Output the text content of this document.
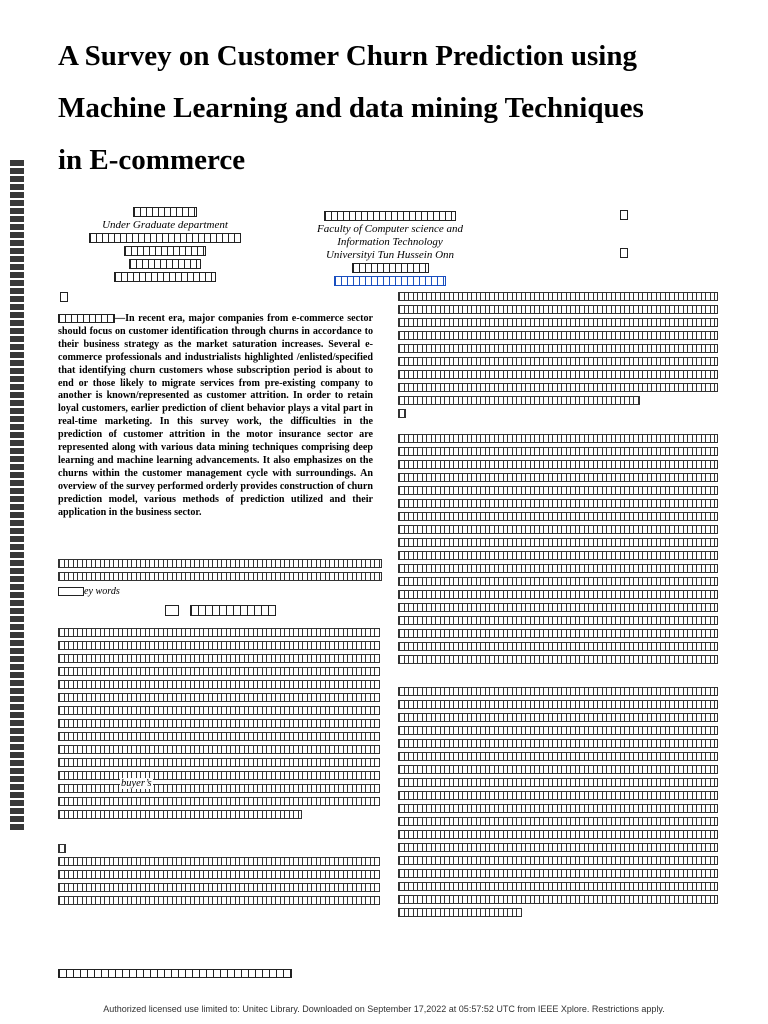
A Survey on Customer Churn Prediction using
Machine Learning and data mining Techniques
in E-commerce
Under Graduate department	Faculty of Computer science and
Information Technology
Universityi Tun Hussein Onn
—In recent era, major companies from e-commerce sector should focus on customer identification through churns in accordance to their business strategy as the market saturation increases. Several e-commerce professionals and industrialists highlighted /enlisted/specified that identifying churn customers whose subscription period is about to end or those likely to migrate services from pre-existing company to another is known/represented as customer attrition. In order to retain loyal customers, earlier prediction of client behavior plays a vital part in real-time marketing. In this survey work, the difficulties in the prediction of customer attrition in the motor insurance sector are represented along with various data mining techniques comprising deep learning and machine learning advancements. It also emphasizes on the churns within the customer management cycle with surroundings. An overview of the survey performed orderly provides construction of churn prediction model, various methods of prediction utilized and their application in the business sector.
ey words

buyer’s
Authorized licensed use limited to: Unitec Library. Downloaded on September 17,2022 at 05:57:52 UTC from IEEE Xplore. Restrictions apply.
